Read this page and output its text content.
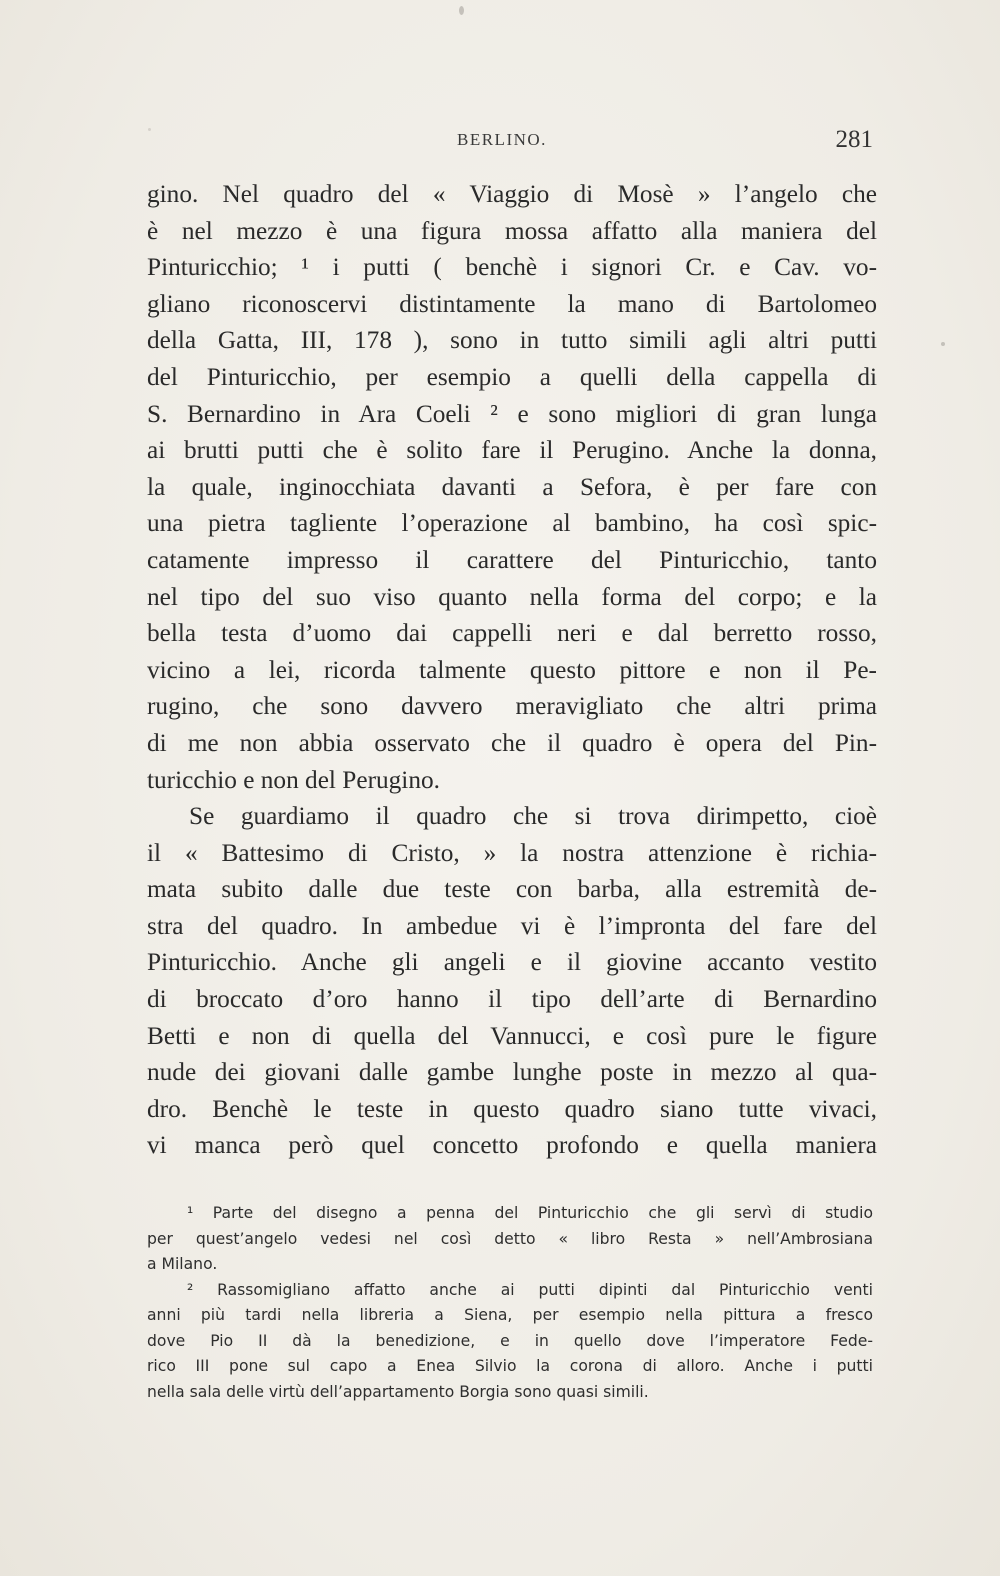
BERLINO.	281
gino. Nel quadro del « Viaggio di Mosè » l’angelo che
è nel mezzo è una figura mossa affatto alla maniera del
Pinturicchio; ¹ i putti ( benchè i signori Cr. e Cav. vo-
gliano riconoscervi distintamente la mano di Bartolomeo
della Gatta, III, 178 ), sono in tutto simili agli altri putti
del Pinturicchio, per esempio a quelli della cappella di
S. Bernardino in Ara Coeli ² e sono migliori di gran lunga
ai brutti putti che è solito fare il Perugino. Anche la donna,
la quale, inginocchiata davanti a Sefora, è per fare con
una pietra tagliente l’operazione al bambino, ha così spic-
catamente impresso il carattere del Pinturicchio, tanto
nel tipo del suo viso quanto nella forma del corpo; e la
bella testa d’uomo dai cappelli neri e dal berretto rosso,
vicino a lei, ricorda talmente questo pittore e non il Pe-
rugino, che sono davvero meravigliato che altri prima
di me non abbia osservato che il quadro è opera del Pin-
turicchio e non del Perugino.
Se guardiamo il quadro che si trova dirimpetto, cioè
il « Battesimo di Cristo, » la nostra attenzione è richia-
mata subito dalle due teste con barba, alla estremità de-
stra del quadro. In ambedue vi è l’impronta del fare del
Pinturicchio. Anche gli angeli e il giovine accanto vestito
di broccato d’oro hanno il tipo dell’arte di Bernardino
Betti e non di quella del Vannucci, e così pure le figure
nude dei giovani dalle gambe lunghe poste in mezzo al qua-
dro. Benchè le teste in questo quadro siano tutte vivaci,
vi manca però quel concetto profondo e quella maniera
¹ Parte del disegno a penna del Pinturicchio che gli servì di studio
per quest’angelo vedesi nel così detto « libro Resta » nell’Ambrosiana
a Milano.
² Rassomigliano affatto anche ai putti dipinti dal Pinturicchio venti
anni più tardi nella libreria a Siena, per esempio nella pittura a fresco
dove Pio II dà la benedizione, e in quello dove l’imperatore Fede-
rico III pone sul capo a Enea Silvio la corona di alloro. Anche i putti
nella sala delle virtù dell’appartamento Borgia sono quasi simili.
